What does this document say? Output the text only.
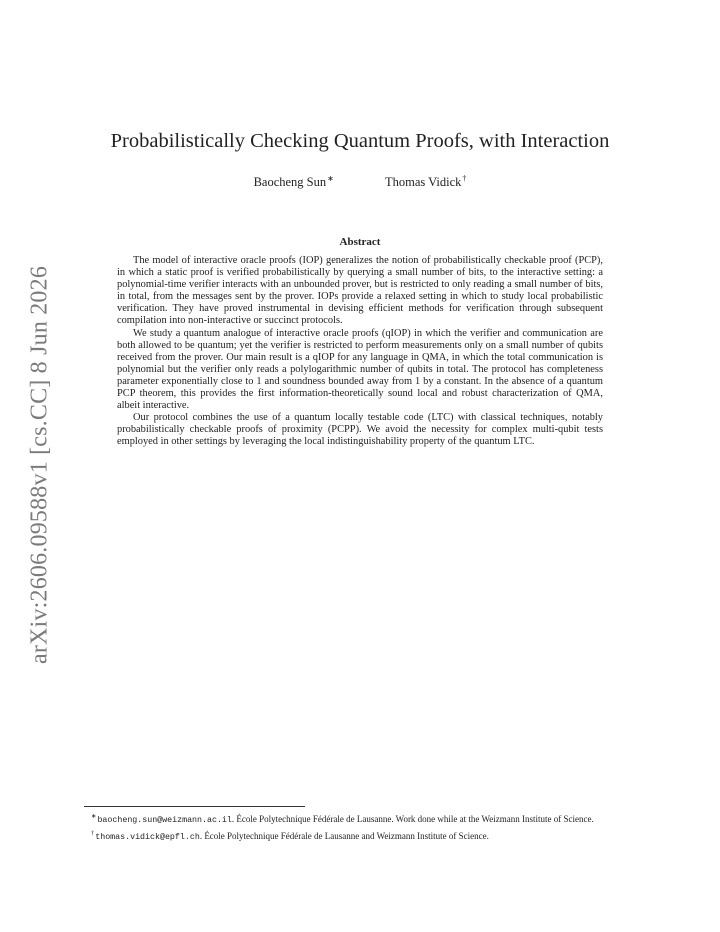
arXiv:2606.09588v1 [cs.CC] 8 Jun 2026
Probabilistically Checking Quantum Proofs, with Interaction
Baocheng Sun∗	Thomas Vidick†
Abstract

The model of interactive oracle proofs (IOP) generalizes the notion of probabilistically checkable proof (PCP), in which a static proof is verified probabilistically by querying a small number of bits, to the interactive setting: a polynomial-time verifier interacts with an unbounded prover, but is restricted to only reading a small number of bits, in total, from the messages sent by the prover. IOPs provide a relaxed setting in which to study local probabilistic verification. They have proved instrumental in devising efficient methods for verification through subsequent compilation into non-interactive or succinct protocols.

We study a quantum analogue of interactive oracle proofs (qIOP) in which the verifier and communication are both allowed to be quantum; yet the verifier is restricted to perform measurements only on a small number of qubits received from the prover. Our main result is a qIOP for any language in QMA, in which the total communication is polynomial but the verifier only reads a polylogarithmic number of qubits in total. The protocol has completeness parameter exponentially close to 1 and soundness bounded away from 1 by a constant. In the absence of a quantum PCP theorem, this provides the first information-theoretically sound local and robust characterization of QMA, albeit interactive.

Our protocol combines the use of a quantum locally testable code (LTC) with classical techniques, notably probabilistically checkable proofs of proximity (PCPP). We avoid the necessity for complex multi-qubit tests employed in other settings by leveraging the local indistinguishability property of the quantum LTC.

∗baocheng.sun@weizmann.ac.il. École Polytechnique Fédérale de Lausanne. Work done while at the Weizmann Institute of Science.

†thomas.vidick@epfl.ch. École Polytechnique Fédérale de Lausanne and Weizmann Institute of Science.
